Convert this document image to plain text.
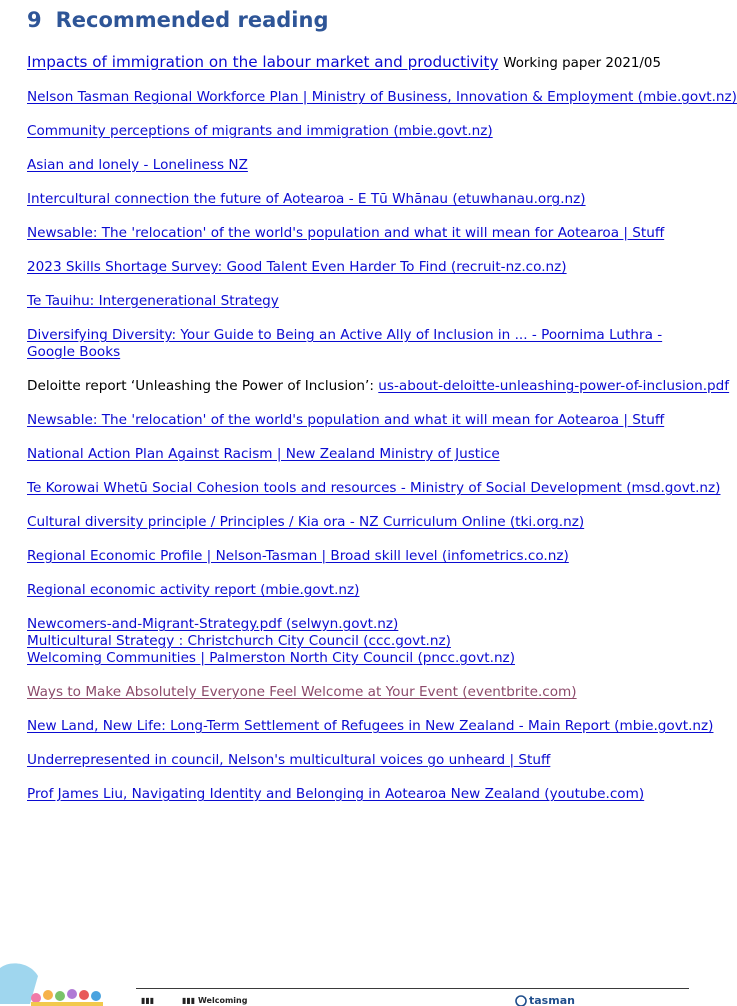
9 Recommended reading
Impacts of immigration on the labour market and productivity Working paper 2021/05
Nelson Tasman Regional Workforce Plan | Ministry of Business, Innovation & Employment (mbie.govt.nz)
Community perceptions of migrants and immigration (mbie.govt.nz)
Asian and lonely - Loneliness NZ
Intercultural connection the future of Aotearoa - E Tū Whānau (etuwhanau.org.nz)
Newsable: The 'relocation' of the world's population and what it will mean for Aotearoa | Stuff
2023 Skills Shortage Survey: Good Talent Even Harder To Find (recruit-nz.co.nz)
Te Tauihu: Intergenerational Strategy
Diversifying Diversity: Your Guide to Being an Active Ally of Inclusion in ... - Poornima Luthra - Google Books
Deloitte report ‘Unleashing the Power of Inclusion’: us-about-deloitte-unleashing-power-of-inclusion.pdf
Newsable: The 'relocation' of the world's population and what it will mean for Aotearoa | Stuff
National Action Plan Against Racism | New Zealand Ministry of Justice
Te Korowai Whetū Social Cohesion tools and resources - Ministry of Social Development (msd.govt.nz)
Cultural diversity principle / Principles / Kia ora - NZ Curriculum Online (tki.org.nz)
Regional Economic Profile | Nelson-Tasman | Broad skill level (infometrics.co.nz)
Regional economic activity report (mbie.govt.nz)
Newcomers-and-Migrant-Strategy.pdf (selwyn.govt.nz)
Multicultural Strategy : Christchurch City Council (ccc.govt.nz)
Welcoming Communities | Palmerston North City Council (pncc.govt.nz)
Ways to Make Absolutely Everyone Feel Welcome at Your Event (eventbrite.com)
New Land, New Life: Long-Term Settlement of Refugees in New Zealand - Main Report (mbie.govt.nz)
Underrepresented in council, Nelson's multicultural voices go unheard | Stuff
Prof James Liu, Navigating Identity and Belonging in Aotearoa New Zealand (youtube.com)
▮▮▮	▮▮▮ Welcoming	tasman
